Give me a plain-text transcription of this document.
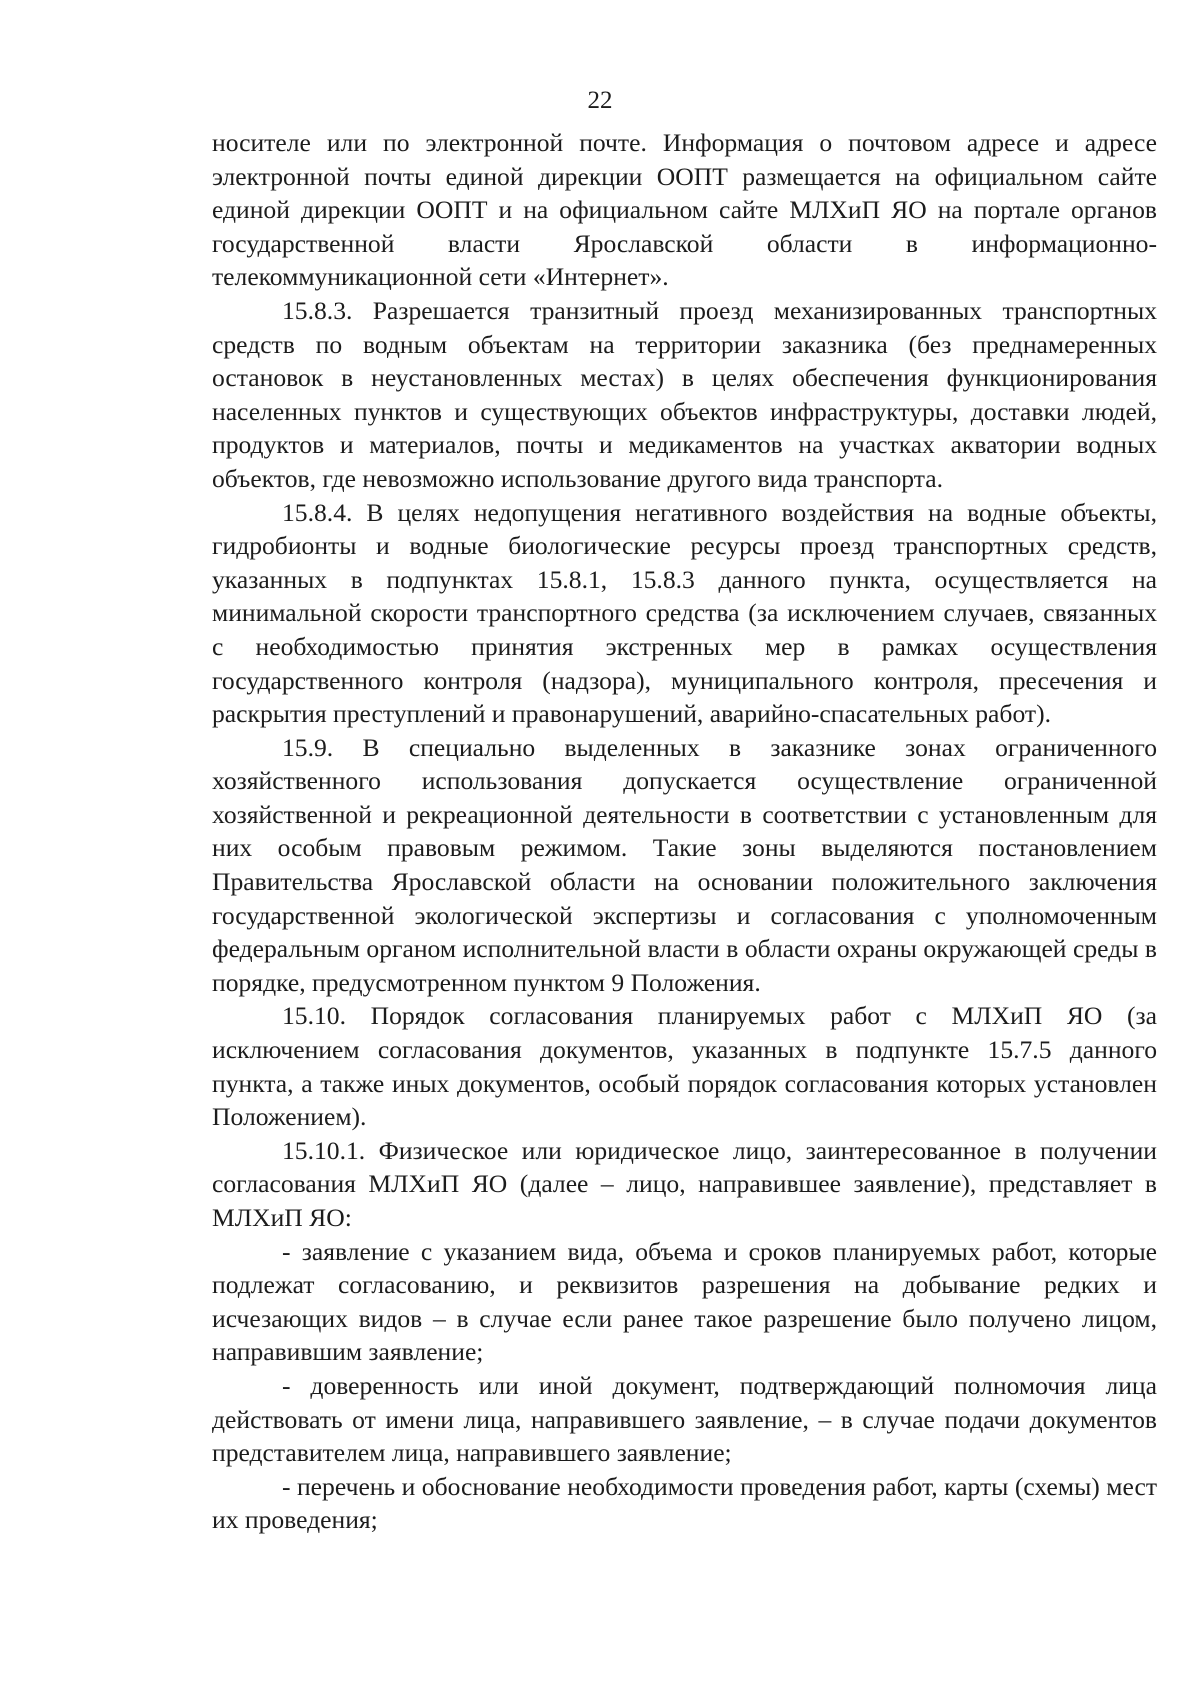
22

носителе или по электронной почте. Информация о почтовом адресе и адресе электронной почты единой дирекции ООПТ размещается на официальном сайте единой дирекции ООПТ и на официальном сайте МЛХиП ЯО на портале органов государственной власти Ярославской области в информационно-телекоммуникационной сети «Интернет».

15.8.3. Разрешается транзитный проезд механизированных транспортных средств по водным объектам на территории заказника (без преднамеренных остановок в неустановленных местах) в целях обеспечения функционирования населенных пунктов и существующих объектов инфраструктуры, доставки людей, продуктов и материалов, почты и медикаментов на участках акватории водных объектов, где невозможно использование другого вида транспорта.

15.8.4. В целях недопущения негативного воздействия на водные объекты, гидробионты и водные биологические ресурсы проезд транспортных средств, указанных в подпунктах 15.8.1, 15.8.3 данного пункта, осуществляется на минимальной скорости транспортного средства (за исключением случаев, связанных с необходимостью принятия экстренных мер в рамках осуществления государственного контроля (надзора), муниципального контроля, пресечения и раскрытия преступлений и правонарушений, аварийно-спасательных работ).

15.9. В специально выделенных в заказнике зонах ограниченного хозяйственного использования допускается осуществление ограниченной хозяйственной и рекреационной деятельности в соответствии с установленным для них особым правовым режимом. Такие зоны выделяются постановлением Правительства Ярославской области на основании положительного заключения государственной экологической экспертизы и согласования с уполномоченным федеральным органом исполнительной власти в области охраны окружающей среды в порядке, предусмотренном пунктом 9 Положения.

15.10. Порядок согласования планируемых работ с МЛХиП ЯО (за исключением согласования документов, указанных в подпункте 15.7.5 данного пункта, а также иных документов, особый порядок согласования которых установлен Положением).

15.10.1. Физическое или юридическое лицо, заинтересованное в получении согласования МЛХиП ЯО (далее – лицо, направившее заявление), представляет в МЛХиП ЯО:

- заявление с указанием вида, объема и сроков планируемых работ, которые подлежат согласованию, и реквизитов разрешения на добывание редких и исчезающих видов – в случае если ранее такое разрешение было получено лицом, направившим заявление;

- доверенность или иной документ, подтверждающий полномочия лица действовать от имени лица, направившего заявление, – в случае подачи документов представителем лица, направившего заявление;

- перечень и обоснование необходимости проведения работ, карты (схемы) мест их проведения;
